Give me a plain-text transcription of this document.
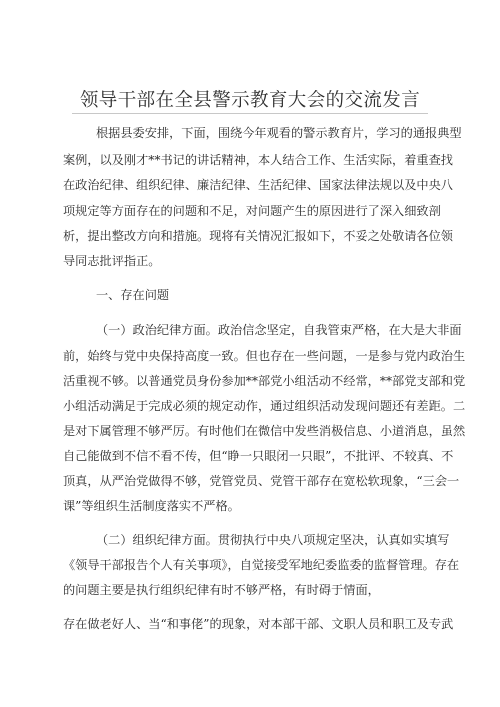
领导干部在全县警示教育大会的交流发言
根据县委安排，下面，围绕今年观看的警示教育片，学习的通报典型
案例，以及刚才**书记的讲话精神，本人结合工作、生活实际，着重查找
在政治纪律、组织纪律、廉洁纪律、生活纪律、国家法律法规以及中央八
项规定等方面存在的问题和不足，对问题产生的原因进行了深入细致剖
析，提出整改方向和措施。现将有关情况汇报如下，不妥之处敬请各位领
导同志批评指正。
一、存在问题
（一）政治纪律方面。政治信念坚定，自我管束严格，在大是大非面
前，始终与党中央保持高度一致。但也存在一些问题，一是参与党内政治生
活重视不够。以普通党员身份参加**部党小组活动不经常，**部党支部和党
小组活动满足于完成必须的规定动作，通过组织活动发现问题还有差距。二
是对下属管理不够严厉。有时他们在微信中发些消极信息、小道消息，虽然
自己能做到不信不看不传，但“睁一只眼闭一只眼”，不批评、不较真、不
顶真，从严治党做得不够，党管党员、党管干部存在宽松软现象，“三会一
课”等组织生活制度落实不严格。
（二）组织纪律方面。贯彻执行中央八项规定坚决，认真如实填写
《领导干部报告个人有关事项》，自觉接受军地纪委监委的监督管理。存在
的问题主要是执行组织纪律有时不够严格，有时碍于情面，
存在做老好人、当“和事佬”的现象，对本部干部、文职人员和职工及专武
